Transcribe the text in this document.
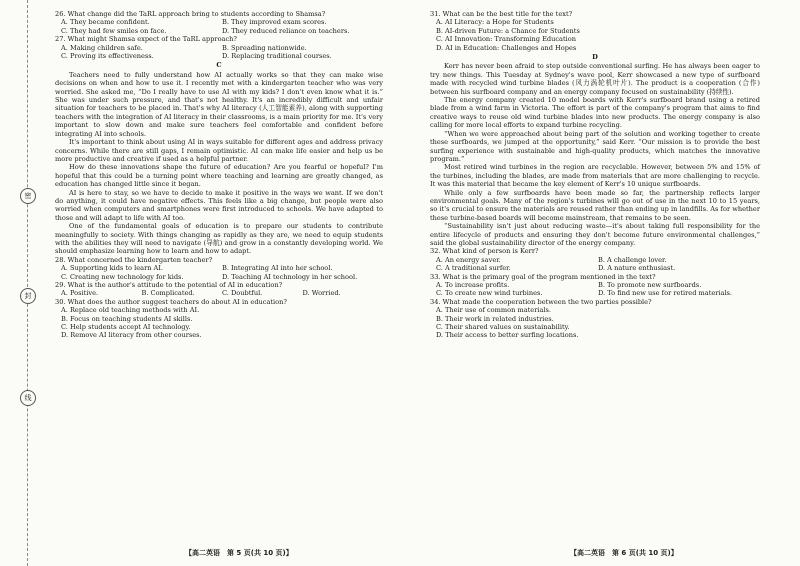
密
封
线

26. What change did the TaRL approach bring to students according to Shamsa?

A. They became confident.	B. They improved exam scores.

C. They had few smiles on face.	D. They reduced reliance on teachers.

27. What might Shamsa expect of the TaRL approach?

A. Making children safe.	B. Spreading nationwide.

C. Proving its effectiveness.	D. Replacing traditional courses.

C

Teachers need to fully understand how AI actually works so that they can make wise decisions on when and how to use it. I recently met with a kindergarten teacher who was very worried. She asked me, “Do I really have to use AI with my kids? I don't even know what it is.” She was under such pressure, and that's not healthy. It's an incredibly difficult and unfair situation for teachers to be placed in. That's why AI literacy (人工智能素养), along with supporting teachers with the integration of AI literacy in their classrooms, is a main priority for me. It's very important to slow down and make sure teachers feel comfortable and confident before integrating AI into schools.

It's important to think about using AI in ways suitable for different ages and address privacy concerns. While there are still gaps, I remain optimistic. AI can make life easier and help us be more productive and creative if used as a helpful partner.

How do these innovations shape the future of education? Are you fearful or hopeful? I'm hopeful that this could be a turning point where teaching and learning are greatly changed, as education has changed little since it began.

AI is here to stay, so we have to decide to make it positive in the ways we want. If we don't do anything, it could have negative effects. This feels like a big change, but people were also worried when computers and smartphones were first introduced to schools. We have adapted to those and will adapt to life with AI too.

One of the fundamental goals of education is to prepare our students to contribute meaningfully to society. With things changing as rapidly as they are, we need to equip students with the abilities they will need to navigate (导航) and grow in a constantly developing world. We should emphasize learning how to learn and how to adapt.

28. What concerned the kindergarten teacher?

A. Supporting kids to learn AI.	B. Integrating AI into her school.

C. Creating new technology for kids.	D. Teaching AI technology in her school.

29. What is the author's attitude to the potential of AI in education?

A. Positive.	B. Complicated.	C. Doubtful.	D. Worried.

30. What does the author suggest teachers do about AI in education?

A. Replace old teaching methods with AI.

B. Focus on teaching students AI skills.

C. Help students accept AI technology.

D. Remove AI literacy from other courses.

31. What can be the best title for the text?

A. AI Literacy: a Hope for Students

B. AI-driven Future: a Chance for Students

C. AI Innovation: Transforming Education

D. AI in Education: Challenges and Hopes

D

Kerr has never been afraid to step outside conventional surfing. He has always been eager to try new things. This Tuesday at Sydney's wave pool, Kerr showcased a new type of surfboard made with recycled wind turbine blades (风力涡轮机叶片). The product is a cooperation (合作) between his surfboard company and an energy company focused on sustainability (持续性).

The energy company created 10 model boards with Kerr's surfboard brand using a retired blade from a wind farm in Victoria. The effort is part of the company's program that aims to find creative ways to reuse old wind turbine blades into new products. The energy company is also calling for more local efforts to expand turbine recycling.

“When we were approached about being part of the solution and working together to create these surfboards, we jumped at the opportunity,” said Kerr. “Our mission is to provide the best surfing experience with sustainable and high-quality products, which matches the innovative program.”

Most retired wind turbines in the region are recyclable. However, between 5% and 15% of the turbines, including the blades, are made from materials that are more challenging to recycle. It was this material that became the key element of Kerr's 10 unique surfboards.

While only a few surfboards have been made so far, the partnership reflects larger environmental goals. Many of the region's turbines will go out of use in the next 10 to 15 years, so it's crucial to ensure the materials are reused rather than ending up in landfills. As for whether these turbine-based boards will become mainstream, that remains to be seen.

“Sustainability isn't just about reducing waste—it's about taking full responsibility for the entire lifecycle of products and ensuring they don't become future environmental challenges,” said the global sustainability director of the energy company.

32. What kind of person is Kerr?

A. An energy saver.	B. A challenge lover.

C. A traditional surfer.	D. A nature enthusiast.

33. What is the primary goal of the program mentioned in the text?

A. To increase profits.	B. To promote new surfboards.

C. To create new wind turbines.	D. To find new use for retired materials.

34. What made the cooperation between the two parties possible?

A. Their use of common materials.

B. Their work in related industries.

C. Their shared values on sustainability.

D. Their access to better surfing locations.

【高二英语　第 5 页(共 10 页)】	【高二英语　第 6 页(共 10 页)】
